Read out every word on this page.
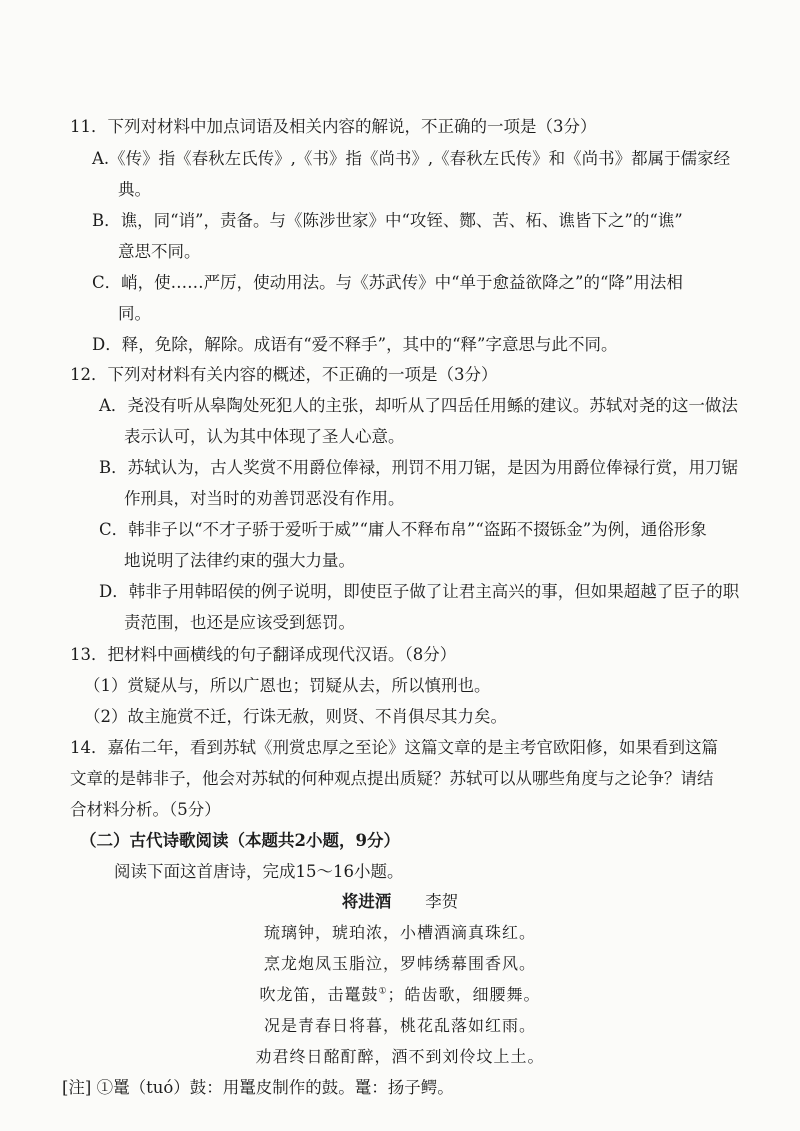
11．下列对材料中加点词语及相关内容的解说，不正确的一项是（3分）
A.《传》指《春秋左氏传》,《书》指《尚书》,《春秋左氏传》和《尚书》都属于儒家经
典。
B．谯，同“诮”，责备。与《陈涉世家》中“攻铚、酂、苦、柘、谯皆下之”的“谯”
意思不同。
C．峭，使……严厉，使动用法。与《苏武传》中“单于愈益欲降之”的“降”用法相
同。
D．释，免除，解除。成语有“爱不释手”，其中的“释”字意思与此不同。
12．下列对材料有关内容的概述，不正确的一项是（3分）
A．尧没有听从皋陶处死犯人的主张，却听从了四岳任用鲧的建议。苏轼对尧的这一做法
表示认可，认为其中体现了圣人心意。
B．苏轼认为，古人奖赏不用爵位俸禄，刑罚不用刀锯，是因为用爵位俸禄行赏，用刀锯
作刑具，对当时的劝善罚恶没有作用。
C．韩非子以“不才子骄于爱听于威”“庸人不释布帛”“盗跖不掇铄金”为例，通俗形象
地说明了法律约束的强大力量。
D．韩非子用韩昭侯的例子说明，即使臣子做了让君主高兴的事，但如果超越了臣子的职
责范围，也还是应该受到惩罚。
13．把材料中画横线的句子翻译成现代汉语。（8分）
（1）赏疑从与，所以广恩也；罚疑从去，所以慎刑也。
（2）故主施赏不迁，行诛无赦，则贤、不肖俱尽其力矣。
14．嘉佑二年，看到苏轼《刑赏忠厚之至论》这篇文章的是主考官欧阳修，如果看到这篇
文章的是韩非子，他会对苏轼的何种观点提出质疑？苏轼可以从哪些角度与之论争？请结
合材料分析。（5分）
（二）古代诗歌阅读（本题共2小题，9分）
阅读下面这首唐诗，完成15～16小题。
将进酒 李贺
琉璃钟，琥珀浓，小槽酒滴真珠红。
烹龙炮凤玉脂泣，罗帏绣幕围香风。
吹龙笛，击鼍鼓①；皓齿歌，细腰舞。
况是青春日将暮，桃花乱落如红雨。
劝君终日酩酊醉，酒不到刘伶坟上土。
[注] ①鼍（tuó）鼓：用鼍皮制作的鼓。鼍：扬子鳄。
